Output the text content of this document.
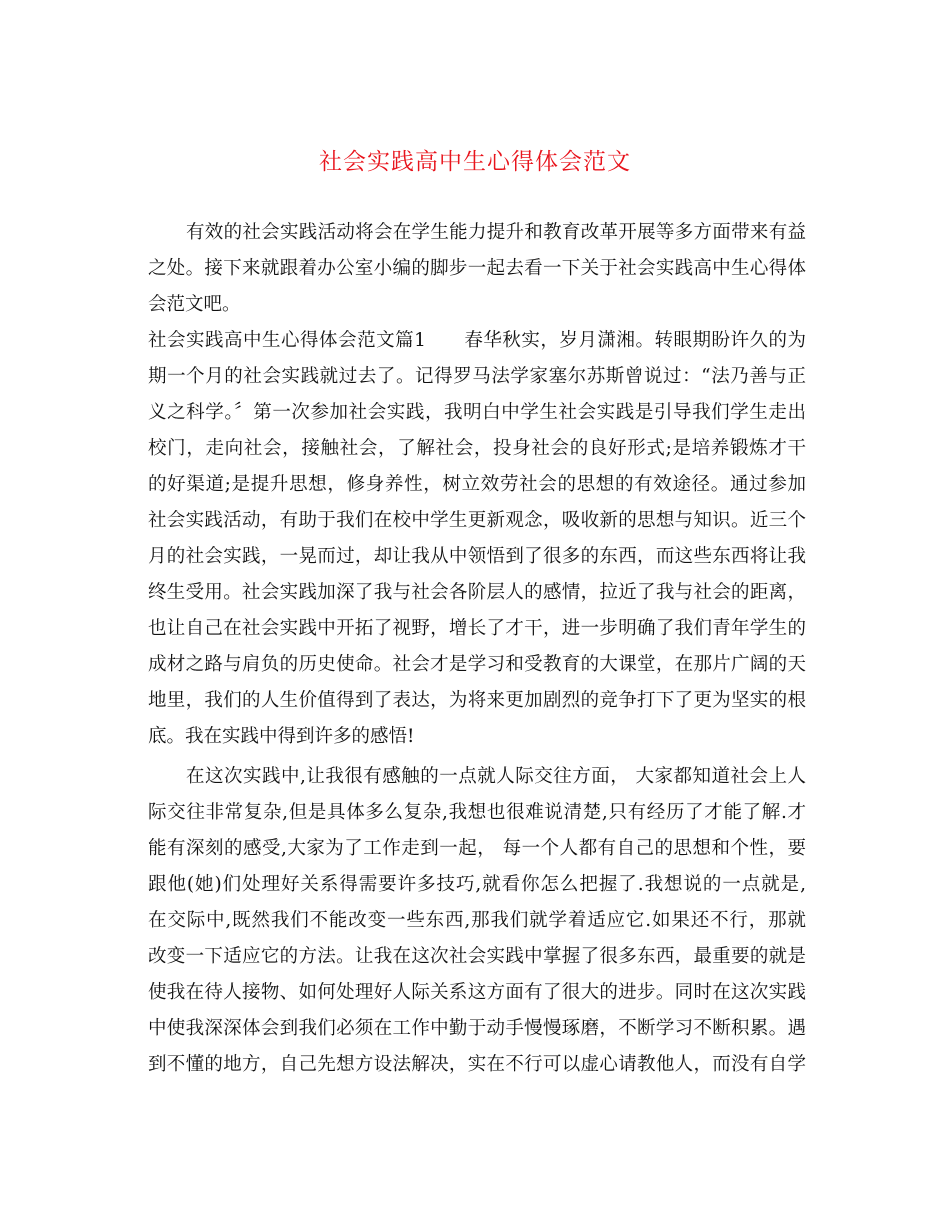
社会实践高中生心得体会范文
有效的社会实践活动将会在学生能力提升和教育改革开展等多方面带来有益
之处。接下来就跟着办公室小编的脚步一起去看一下关于社会实践高中生心得体
会范文吧。
社会实践高中生心得体会范文篇1　　春华秋实，岁月潇湘。转眼期盼许久的为
期一个月的社会实践就过去了。记得罗马法学家塞尔苏斯曾说过：“法乃善与正
义之科学。〞第一次参加社会实践，我明白中学生社会实践是引导我们学生走出
校门，走向社会，接触社会，了解社会，投身社会的良好形式;是培养锻炼才干
的好渠道;是提升思想，修身养性，树立效劳社会的思想的有效途径。通过参加
社会实践活动，有助于我们在校中学生更新观念，吸收新的思想与知识。近三个
月的社会实践，一晃而过，却让我从中领悟到了很多的东西，而这些东西将让我
终生受用。社会实践加深了我与社会各阶层人的感情，拉近了我与社会的距离，
也让自己在社会实践中开拓了视野，增长了才干，进一步明确了我们青年学生的
成材之路与肩负的历史使命。社会才是学习和受教育的大课堂，在那片广阔的天
地里，我们的人生价值得到了表达，为将来更加剧烈的竞争打下了更为坚实的根
底。我在实践中得到许多的感悟!
在这次实践中,让我很有感触的一点就人际交往方面， 大家都知道社会上人
际交往非常复杂,但是具体多么复杂,我想也很难说清楚,只有经历了才能了解.才
能有深刻的感受,大家为了工作走到一起， 每一个人都有自己的思想和个性，要
跟他(她)们处理好关系得需要许多技巧,就看你怎么把握了.我想说的一点就是,
在交际中,既然我们不能改变一些东西,那我们就学着适应它.如果还不行，那就
改变一下适应它的方法。让我在这次社会实践中掌握了很多东西，最重要的就是
使我在待人接物、如何处理好人际关系这方面有了很大的进步。同时在这次实践
中使我深深体会到我们必须在工作中勤于动手慢慢琢磨，不断学习不断积累。遇
到不懂的地方，自己先想方设法解决，实在不行可以虚心请教他人，而没有自学
